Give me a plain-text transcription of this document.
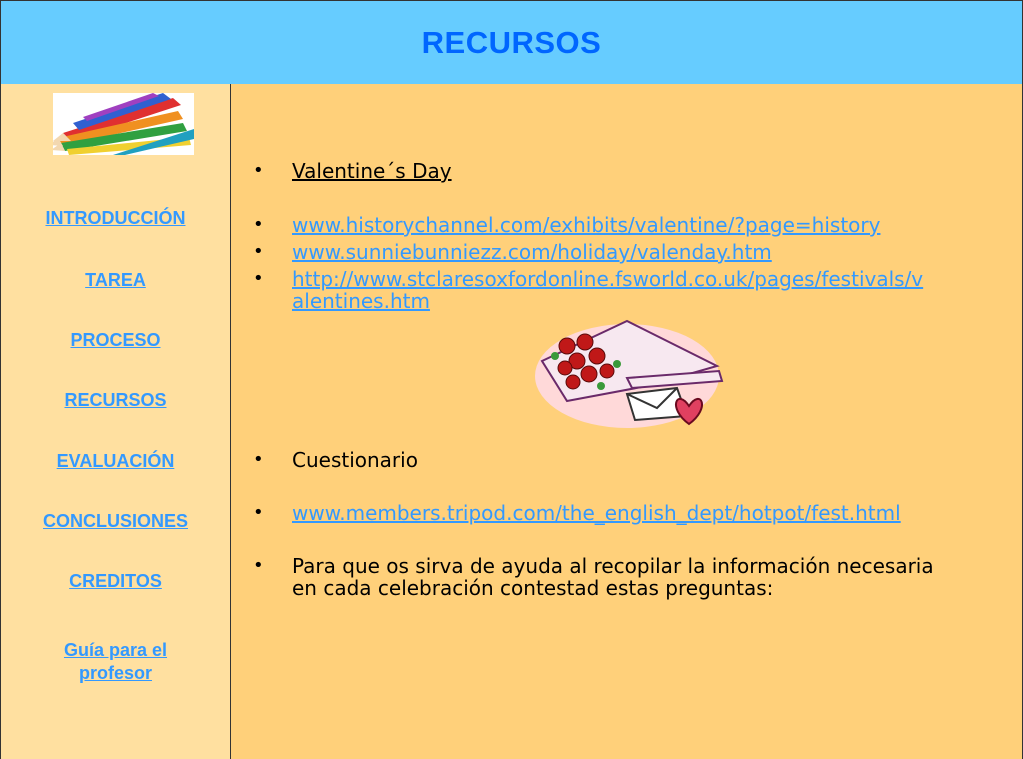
RECURSOS
INTRODUCCIÓN
TAREA
PROCESO
RECURSOS
EVALUACIÓN
CONCLUSIONES
CREDITOS
Guía para el
profesor
• Valentine´s Day
• www.historychannel.com/exhibits/valentine/?page=history
• www.sunniebunniezz.com/holiday/valenday.htm
• http://www.stclaresoxfordonline.fsworld.co.uk/pages/festivals/v
alentines.htm
• Cuestionario
• www.members.tripod.com/the_english_dept/hotpot/fest.html
• Para que os sirva de ayuda al recopilar la información necesaria
en cada celebración contestad estas preguntas:
